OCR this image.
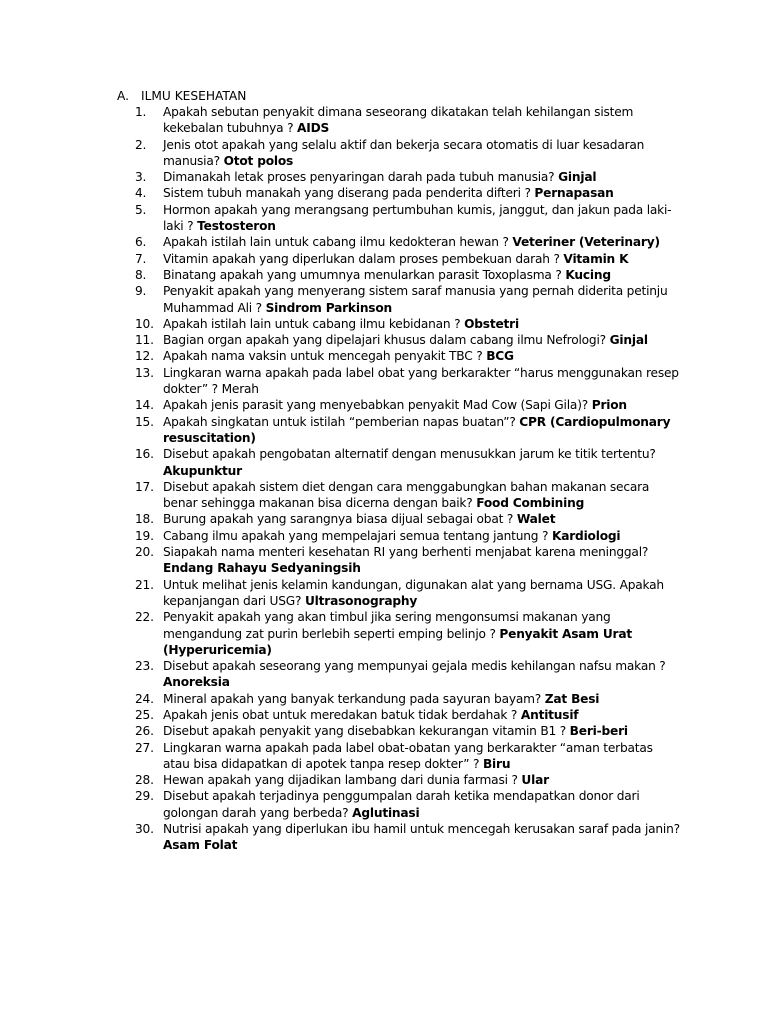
A. ILMU KESEHATAN
1.	Apakah sebutan penyakit dimana seseorang dikatakan telah kehilangan sistem kekebalan tubuhnya ? AIDS
2.	Jenis otot apakah yang selalu aktif dan bekerja secara otomatis di luar kesadaran manusia? Otot polos
3.	Dimanakah letak proses penyaringan darah pada tubuh manusia? Ginjal
4.	Sistem tubuh manakah yang diserang pada penderita difteri ? Pernapasan
5.	Hormon apakah yang merangsang pertumbuhan kumis, janggut, dan jakun pada laki-laki ? Testosteron
6.	Apakah istilah lain untuk cabang ilmu kedokteran hewan ? Veteriner (Veterinary)
7.	Vitamin apakah yang diperlukan dalam proses pembekuan darah ? Vitamin K
8.	Binatang apakah yang umumnya menularkan parasit Toxoplasma ? Kucing
9.	Penyakit apakah yang menyerang sistem saraf manusia yang pernah diderita petinju Muhammad Ali ? Sindrom Parkinson
10. Apakah istilah lain untuk cabang ilmu kebidanan ? Obstetri
11. Bagian organ apakah yang dipelajari khusus dalam cabang ilmu Nefrologi? Ginjal
12. Apakah nama vaksin untuk mencegah penyakit TBC ? BCG
13. Lingkaran warna apakah pada label obat yang berkarakter “harus menggunakan resep dokter” ? Merah
14. Apakah jenis parasit yang menyebabkan penyakit Mad Cow (Sapi Gila)? Prion
15. Apakah singkatan untuk istilah “pemberian napas buatan”? CPR (Cardiopulmonary resuscitation)
16. Disebut apakah pengobatan alternatif dengan menusukkan jarum ke titik tertentu? Akupunktur
17. Disebut apakah sistem diet dengan cara menggabungkan bahan makanan secara benar sehingga makanan bisa dicerna dengan baik? Food Combining
18. Burung apakah yang sarangnya biasa dijual sebagai obat ? Walet
19. Cabang ilmu apakah yang mempelajari semua tentang jantung ? Kardiologi
20. Siapakah nama menteri kesehatan RI yang berhenti menjabat karena meninggal? Endang Rahayu Sedyaningsih
21. Untuk melihat jenis kelamin kandungan, digunakan alat yang bernama USG. Apakah kepanjangan dari USG? Ultrasonography
22. Penyakit apakah yang akan timbul jika sering mengonsumsi makanan yang mengandung zat purin berlebih seperti emping belinjo ? Penyakit Asam Urat (Hyperuricemia)
23. Disebut apakah seseorang yang mempunyai gejala medis kehilangan nafsu makan ? Anoreksia
24. Mineral apakah yang banyak terkandung pada sayuran bayam? Zat Besi
25. Apakah jenis obat untuk meredakan batuk tidak berdahak ? Antitusif
26. Disebut apakah penyakit yang disebabkan kekurangan vitamin B1 ? Beri-beri
27. Lingkaran warna apakah pada label obat-obatan yang berkarakter “aman terbatas atau bisa didapatkan di apotek tanpa resep dokter” ? Biru
28. Hewan apakah yang dijadikan lambang dari dunia farmasi ? Ular
29. Disebut apakah terjadinya penggumpalan darah ketika mendapatkan donor dari golongan darah yang berbeda? Aglutinasi
30. Nutrisi apakah yang diperlukan ibu hamil untuk mencegah kerusakan saraf pada janin? Asam Folat
